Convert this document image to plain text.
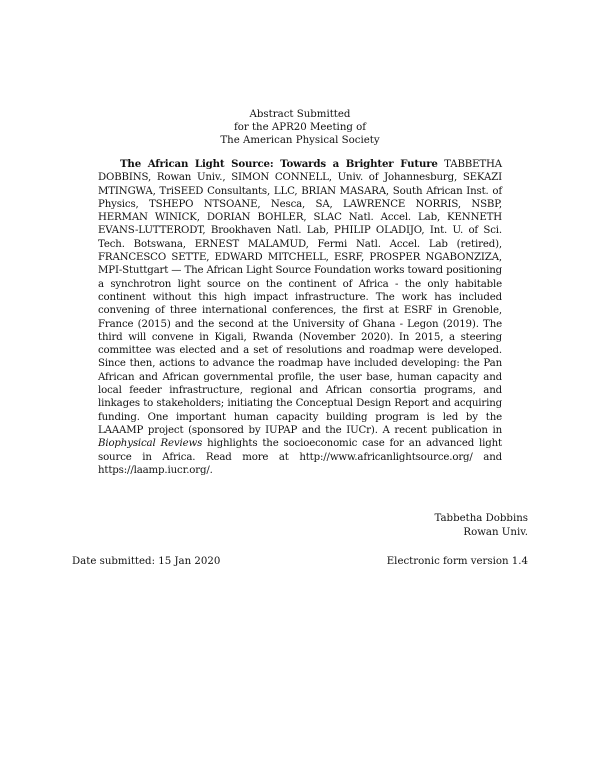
Abstract Submitted
for the APR20 Meeting of
The American Physical Society
The African Light Source: Towards a Brighter Future TABBETHA DOBBINS, Rowan Univ., SIMON CONNELL, Univ. of Johannesburg, SEKAZI MTINGWA, TriSEED Consultants, LLC, BRIAN MASARA, South African Inst. of Physics, TSHEPO NTSOANE, Nesca, SA, LAWRENCE NORRIS, NSBP, HERMAN WINICK, DORIAN BOHLER, SLAC Natl. Accel. Lab, KENNETH EVANS-LUTTERODT, Brookhaven Natl. Lab, PHILIP OLADIJO, Int. U. of Sci. Tech. Botswana, ERNEST MALAMUD, Fermi Natl. Accel. Lab (retired), FRANCESCO SETTE, EDWARD MITCHELL, ESRF, PROSPER NGABONZIZA, MPI-Stuttgart — The African Light Source Foundation works toward positioning a synchrotron light source on the continent of Africa - the only habitable continent without this high impact infrastructure. The work has included convening of three international conferences, the first at ESRF in Grenoble, France (2015) and the second at the University of Ghana - Legon (2019). The third will convene in Kigali, Rwanda (November 2020). In 2015, a steering committee was elected and a set of resolutions and roadmap were developed. Since then, actions to advance the roadmap have included developing: the Pan African and African governmental profile, the user base, human capacity and local feeder infrastructure, regional and African consortia programs, and linkages to stakeholders; initiating the Conceptual Design Report and acquiring funding. One important human capacity building program is led by the LAAAMP project (sponsored by IUPAP and the IUCr). A recent publication in Biophysical Reviews highlights the socioeconomic case for an advanced light source in Africa. Read more at http://www.africanlightsource.org/ and https://laamp.iucr.org/.
Tabbetha Dobbins
Rowan Univ.
Date submitted: 15 Jan 2020	Electronic form version 1.4
